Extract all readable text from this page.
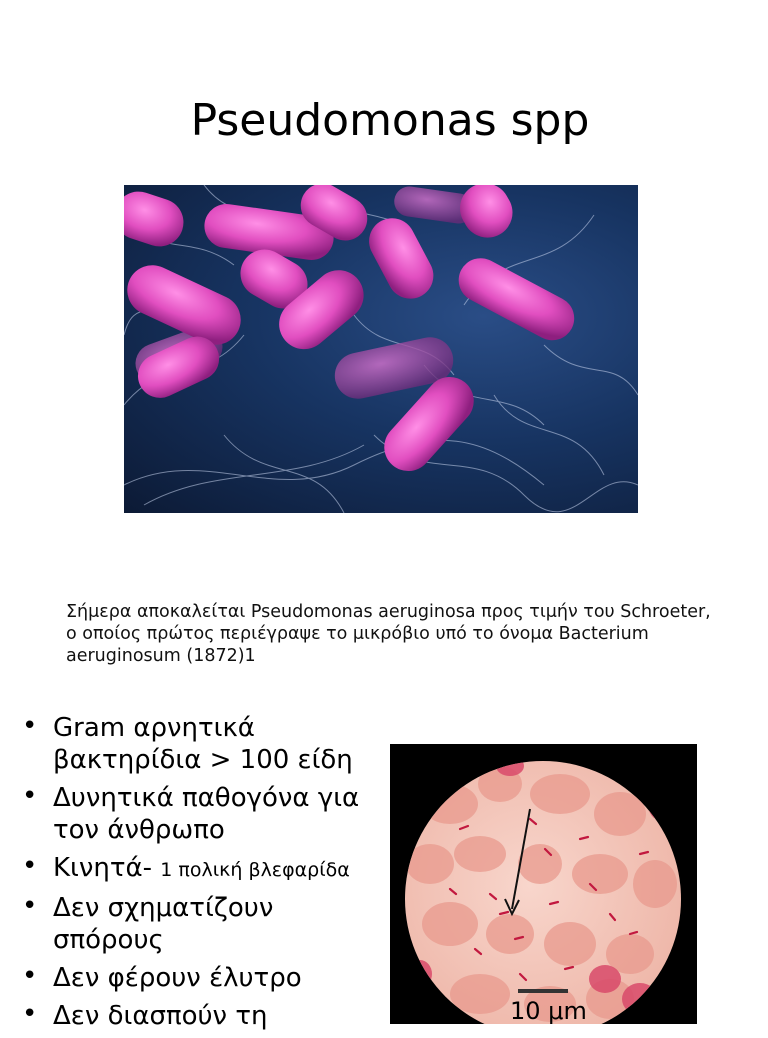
Pseudomonas spp
Σήμερα αποκαλείται Pseudomonas aeruginosa προς τιμήν του Schroeter, ο οποίος πρώτος περιέγραψε το μικρόβιο υπό το όνομα Bacterium aeruginosum (1872)1
• Gram αρνητικά βακτηρίδια > 100 είδη
• Δυνητικά παθογόνα για τον άνθρωπο
• Κινητά- 1 πολική βλεφαρίδα
• Δεν σχηματίζουν σπόρους
• Δεν φέρουν έλυτρο
• Δεν διασπούν τη
Cornell University Medical Col
10 μm
